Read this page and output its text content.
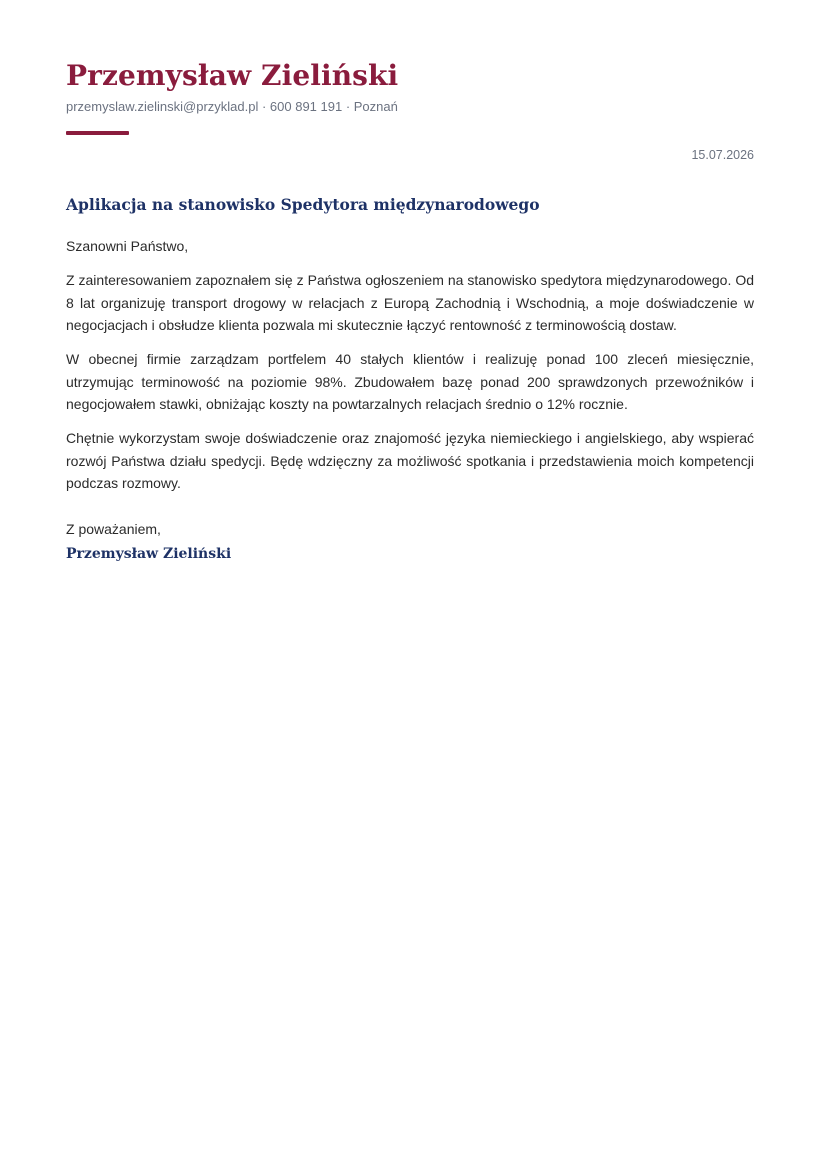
Przemysław Zieliński
przemyslaw.zielinski@przyklad.pl · 600 891 191 · Poznań
15.07.2026
Aplikacja na stanowisko Spedytora międzynarodowego
Szanowni Państwo,

Z zainteresowaniem zapoznałem się z Państwa ogłoszeniem na stanowisko spedytora międzynarodowego. Od 8 lat organizuję transport drogowy w relacjach z Europą Zachodnią i Wschodnią, a moje doświadczenie w negocjacjach i obsłudze klienta pozwala mi skutecznie łączyć rentowność z terminowością dostaw.

W obecnej firmie zarządzam portfelem 40 stałych klientów i realizuję ponad 100 zleceń miesięcznie, utrzymując terminowość na poziomie 98%. Zbudowałem bazę ponad 200 sprawdzonych przewoźników i negocjowałem stawki, obniżając koszty na powtarzalnych relacjach średnio o 12% rocznie.

Chętnie wykorzystam swoje doświadczenie oraz znajomość języka niemieckiego i angielskiego, aby wspierać rozwój Państwa działu spedycji. Będę wdzięczny za możliwość spotkania i przedstawienia moich kompetencji podczas rozmowy.

Z poważaniem,
Przemysław Zieliński
